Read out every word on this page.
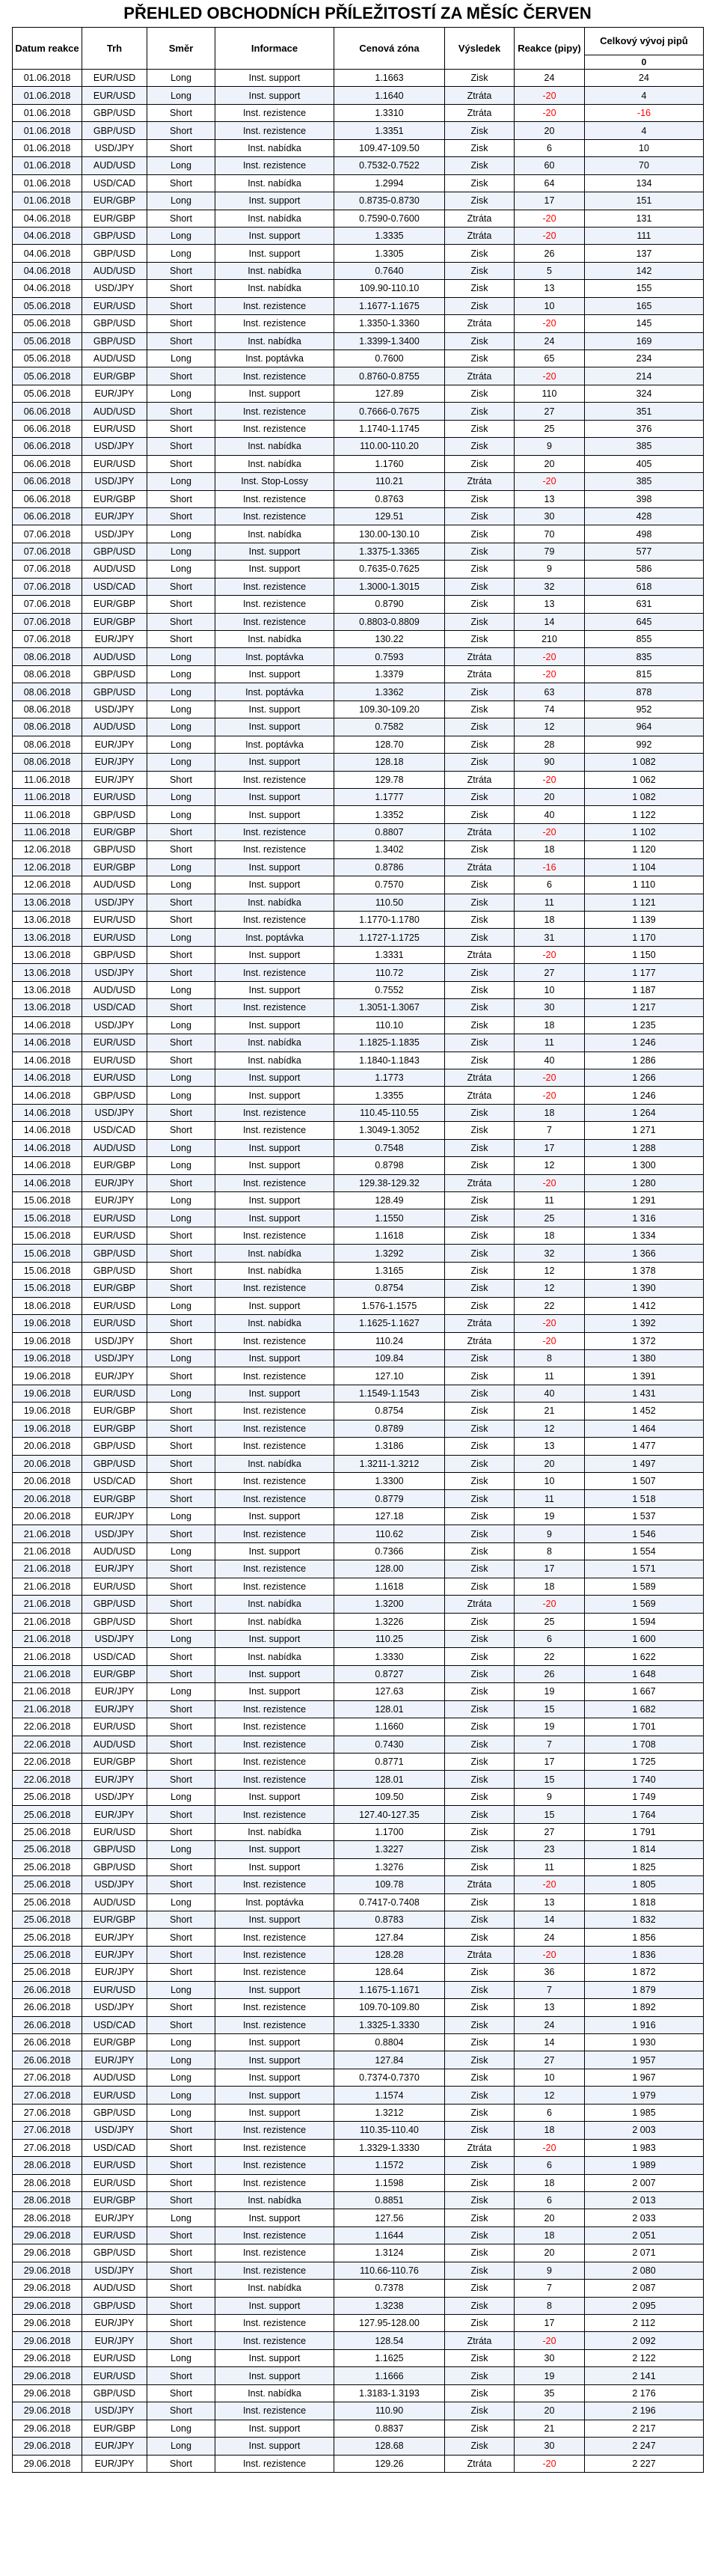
PŘEHLED OBCHODNÍCH PŘÍLEŽITOSTÍ ZA MĚSÍC ČERVEN
Datum reakce	Trh	Směr	Informace	Cenová zóna	Výsledek	Reakce (pipy)	Celkový vývoj pipů
							0
01.06.2018	EUR/USD	Long	Inst. support	1.1663	Zisk	24	24
01.06.2018	EUR/USD	Long	Inst. support	1.1640	Ztráta	-20	4
01.06.2018	GBP/USD	Short	Inst. rezistence	1.3310	Ztráta	-20	-16
01.06.2018	GBP/USD	Short	Inst. rezistence	1.3351	Zisk	20	4
01.06.2018	USD/JPY	Short	Inst. nabídka	109.47-109.50	Zisk	6	10
01.06.2018	AUD/USD	Long	Inst. rezistence	0.7532-0.7522	Zisk	60	70
01.06.2018	USD/CAD	Short	Inst. nabídka	1.2994	Zisk	64	134
01.06.2018	EUR/GBP	Long	Inst. support	0.8735-0.8730	Zisk	17	151
04.06.2018	EUR/GBP	Short	Inst. nabídka	0.7590-0.7600	Ztráta	-20	131
04.06.2018	GBP/USD	Long	Inst. support	1.3335	Ztráta	-20	111
04.06.2018	GBP/USD	Long	Inst. support	1.3305	Zisk	26	137
04.06.2018	AUD/USD	Short	Inst. nabídka	0.7640	Zisk	5	142
04.06.2018	USD/JPY	Short	Inst. nabídka	109.90-110.10	Zisk	13	155
05.06.2018	EUR/USD	Short	Inst. rezistence	1.1677-1.1675	Zisk	10	165
05.06.2018	GBP/USD	Short	Inst. rezistence	1.3350-1.3360	Ztráta	-20	145
05.06.2018	GBP/USD	Short	Inst. nabídka	1.3399-1.3400	Zisk	24	169
05.06.2018	AUD/USD	Long	Inst. poptávka	0.7600	Zisk	65	234
05.06.2018	EUR/GBP	Short	Inst. rezistence	0.8760-0.8755	Ztráta	-20	214
05.06.2018	EUR/JPY	Long	Inst. support	127.89	Zisk	110	324
06.06.2018	AUD/USD	Short	Inst. rezistence	0.7666-0.7675	Zisk	27	351
06.06.2018	EUR/USD	Short	Inst. rezistence	1.1740-1.1745	Zisk	25	376
06.06.2018	USD/JPY	Short	Inst. nabídka	110.00-110.20	Zisk	9	385
06.06.2018	EUR/USD	Short	Inst. nabídka	1.1760	Zisk	20	405
06.06.2018	USD/JPY	Long	Inst. Stop-Lossy	110.21	Ztráta	-20	385
06.06.2018	EUR/GBP	Short	Inst. rezistence	0.8763	Zisk	13	398
06.06.2018	EUR/JPY	Short	Inst. rezistence	129.51	Zisk	30	428
07.06.2018	USD/JPY	Long	Inst. nabídka	130.00-130.10	Zisk	70	498
07.06.2018	GBP/USD	Long	Inst. support	1.3375-1.3365	Zisk	79	577
07.06.2018	AUD/USD	Long	Inst. support	0.7635-0.7625	Zisk	9	586
07.06.2018	USD/CAD	Short	Inst. rezistence	1.3000-1.3015	Zisk	32	618
07.06.2018	EUR/GBP	Short	Inst. rezistence	0.8790	Zisk	13	631
07.06.2018	EUR/GBP	Short	Inst. rezistence	0.8803-0.8809	Zisk	14	645
07.06.2018	EUR/JPY	Short	Inst. nabídka	130.22	Zisk	210	855
08.06.2018	AUD/USD	Long	Inst. poptávka	0.7593	Ztráta	-20	835
08.06.2018	GBP/USD	Long	Inst. support	1.3379	Ztráta	-20	815
08.06.2018	GBP/USD	Long	Inst. poptávka	1.3362	Zisk	63	878
08.06.2018	USD/JPY	Long	Inst. support	109.30-109.20	Zisk	74	952
08.06.2018	AUD/USD	Long	Inst. support	0.7582	Zisk	12	964
08.06.2018	EUR/JPY	Long	Inst. poptávka	128.70	Zisk	28	992
08.06.2018	EUR/JPY	Long	Inst. support	128.18	Zisk	90	1 082
11.06.2018	EUR/JPY	Short	Inst. rezistence	129.78	Ztráta	-20	1 062
11.06.2018	EUR/USD	Long	Inst. support	1.1777	Zisk	20	1 082
11.06.2018	GBP/USD	Long	Inst. support	1.3352	Zisk	40	1 122
11.06.2018	EUR/GBP	Short	Inst. rezistence	0.8807	Ztráta	-20	1 102
12.06.2018	GBP/USD	Short	Inst. rezistence	1.3402	Zisk	18	1 120
12.06.2018	EUR/GBP	Long	Inst. support	0.8786	Ztráta	-16	1 104
12.06.2018	AUD/USD	Long	Inst. support	0.7570	Zisk	6	1 110
13.06.2018	USD/JPY	Short	Inst. nabídka	110.50	Zisk	11	1 121
13.06.2018	EUR/USD	Short	Inst. rezistence	1.1770-1.1780	Zisk	18	1 139
13.06.2018	EUR/USD	Long	Inst. poptávka	1.1727-1.1725	Zisk	31	1 170
13.06.2018	GBP/USD	Short	Inst. support	1.3331	Ztráta	-20	1 150
13.06.2018	USD/JPY	Short	Inst. rezistence	110.72	Zisk	27	1 177
13.06.2018	AUD/USD	Long	Inst. support	0.7552	Zisk	10	1 187
13.06.2018	USD/CAD	Short	Inst. rezistence	1.3051-1.3067	Zisk	30	1 217
14.06.2018	USD/JPY	Long	Inst. support	110.10	Zisk	18	1 235
14.06.2018	EUR/USD	Short	Inst. nabídka	1.1825-1.1835	Zisk	11	1 246
14.06.2018	EUR/USD	Short	Inst. nabídka	1.1840-1.1843	Zisk	40	1 286
14.06.2018	EUR/USD	Long	Inst. support	1.1773	Ztráta	-20	1 266
14.06.2018	GBP/USD	Long	Inst. support	1.3355	Ztráta	-20	1 246
14.06.2018	USD/JPY	Short	Inst. rezistence	110.45-110.55	Zisk	18	1 264
14.06.2018	USD/CAD	Short	Inst. rezistence	1.3049-1.3052	Zisk	7	1 271
14.06.2018	AUD/USD	Long	Inst. support	0.7548	Zisk	17	1 288
14.06.2018	EUR/GBP	Long	Inst. support	0.8798	Zisk	12	1 300
14.06.2018	EUR/JPY	Short	Inst. rezistence	129.38-129.32	Ztráta	-20	1 280
15.06.2018	EUR/JPY	Long	Inst. support	128.49	Zisk	11	1 291
15.06.2018	EUR/USD	Long	Inst. support	1.1550	Zisk	25	1 316
15.06.2018	EUR/USD	Short	Inst. rezistence	1.1618	Zisk	18	1 334
15.06.2018	GBP/USD	Short	Inst. nabídka	1.3292	Zisk	32	1 366
15.06.2018	GBP/USD	Short	Inst. nabídka	1.3165	Zisk	12	1 378
15.06.2018	EUR/GBP	Short	Inst. rezistence	0.8754	Zisk	12	1 390
18.06.2018	EUR/USD	Long	Inst. support	1.576-1.1575	Zisk	22	1 412
19.06.2018	EUR/USD	Short	Inst. nabídka	1.1625-1.1627	Ztráta	-20	1 392
19.06.2018	USD/JPY	Short	Inst. rezistence	110.24	Ztráta	-20	1 372
19.06.2018	USD/JPY	Long	Inst. support	109.84	Zisk	8	1 380
19.06.2018	EUR/JPY	Short	Inst. rezistence	127.10	Zisk	11	1 391
19.06.2018	EUR/USD	Long	Inst. support	1.1549-1.1543	Zisk	40	1 431
19.06.2018	EUR/GBP	Short	Inst. rezistence	0.8754	Zisk	21	1 452
19.06.2018	EUR/GBP	Short	Inst. rezistence	0.8789	Zisk	12	1 464
20.06.2018	GBP/USD	Short	Inst. rezistence	1.3186	Zisk	13	1 477
20.06.2018	GBP/USD	Short	Inst. nabídka	1.3211-1.3212	Zisk	20	1 497
20.06.2018	USD/CAD	Short	Inst. rezistence	1.3300	Zisk	10	1 507
20.06.2018	EUR/GBP	Short	Inst. rezistence	0.8779	Zisk	11	1 518
20.06.2018	EUR/JPY	Long	Inst. support	127.18	Zisk	19	1 537
21.06.2018	USD/JPY	Short	Inst. rezistence	110.62	Zisk	9	1 546
21.06.2018	AUD/USD	Long	Inst. support	0.7366	Zisk	8	1 554
21.06.2018	EUR/JPY	Short	Inst. rezistence	128.00	Zisk	17	1 571
21.06.2018	EUR/USD	Short	Inst. rezistence	1.1618	Zisk	18	1 589
21.06.2018	GBP/USD	Short	Inst. nabídka	1.3200	Ztráta	-20	1 569
21.06.2018	GBP/USD	Short	Inst. nabídka	1.3226	Zisk	25	1 594
21.06.2018	USD/JPY	Long	Inst. support	110.25	Zisk	6	1 600
21.06.2018	USD/CAD	Short	Inst. nabídka	1.3330	Zisk	22	1 622
21.06.2018	EUR/GBP	Short	Inst. support	0.8727	Zisk	26	1 648
21.06.2018	EUR/JPY	Long	Inst. support	127.63	Zisk	19	1 667
21.06.2018	EUR/JPY	Short	Inst. rezistence	128.01	Zisk	15	1 682
22.06.2018	EUR/USD	Short	Inst. rezistence	1.1660	Zisk	19	1 701
22.06.2018	AUD/USD	Short	Inst. rezistence	0.7430	Zisk	7	1 708
22.06.2018	EUR/GBP	Short	Inst. rezistence	0.8771	Zisk	17	1 725
22.06.2018	EUR/JPY	Short	Inst. rezistence	128.01	Zisk	15	1 740
25.06.2018	USD/JPY	Long	Inst. support	109.50	Zisk	9	1 749
25.06.2018	EUR/JPY	Short	Inst. rezistence	127.40-127.35	Zisk	15	1 764
25.06.2018	EUR/USD	Short	Inst. nabídka	1.1700	Zisk	27	1 791
25.06.2018	GBP/USD	Long	Inst. support	1.3227	Zisk	23	1 814
25.06.2018	GBP/USD	Short	Inst. support	1.3276	Zisk	11	1 825
25.06.2018	USD/JPY	Short	Inst. rezistence	109.78	Ztráta	-20	1 805
25.06.2018	AUD/USD	Long	Inst. poptávka	0.7417-0.7408	Zisk	13	1 818
25.06.2018	EUR/GBP	Short	Inst. support	0.8783	Zisk	14	1 832
25.06.2018	EUR/JPY	Short	Inst. rezistence	127.84	Zisk	24	1 856
25.06.2018	EUR/JPY	Short	Inst. rezistence	128.28	Ztráta	-20	1 836
25.06.2018	EUR/JPY	Short	Inst. rezistence	128.64	Zisk	36	1 872
26.06.2018	EUR/USD	Long	Inst. support	1.1675-1.1671	Zisk	7	1 879
26.06.2018	USD/JPY	Short	Inst. rezistence	109.70-109.80	Zisk	13	1 892
26.06.2018	USD/CAD	Short	Inst. rezistence	1.3325-1.3330	Zisk	24	1 916
26.06.2018	EUR/GBP	Long	Inst. support	0.8804	Zisk	14	1 930
26.06.2018	EUR/JPY	Long	Inst. support	127.84	Zisk	27	1 957
27.06.2018	AUD/USD	Long	Inst. support	0.7374-0.7370	Zisk	10	1 967
27.06.2018	EUR/USD	Long	Inst. support	1.1574	Zisk	12	1 979
27.06.2018	GBP/USD	Long	Inst. support	1.3212	Zisk	6	1 985
27.06.2018	USD/JPY	Short	Inst. rezistence	110.35-110.40	Zisk	18	2 003
27.06.2018	USD/CAD	Short	Inst. rezistence	1.3329-1.3330	Ztráta	-20	1 983
28.06.2018	EUR/USD	Short	Inst. rezistence	1.1572	Zisk	6	1 989
28.06.2018	EUR/USD	Short	Inst. rezistence	1.1598	Zisk	18	2 007
28.06.2018	EUR/GBP	Short	Inst. nabídka	0.8851	Zisk	6	2 013
28.06.2018	EUR/JPY	Long	Inst. support	127.56	Zisk	20	2 033
29.06.2018	EUR/USD	Short	Inst. rezistence	1.1644	Zisk	18	2 051
29.06.2018	GBP/USD	Short	Inst. rezistence	1.3124	Zisk	20	2 071
29.06.2018	USD/JPY	Short	Inst. rezistence	110.66-110.76	Zisk	9	2 080
29.06.2018	AUD/USD	Short	Inst. nabídka	0.7378	Zisk	7	2 087
29.06.2018	GBP/USD	Short	Inst. support	1.3238	Zisk	8	2 095
29.06.2018	EUR/JPY	Short	Inst. rezistence	127.95-128.00	Zisk	17	2 112
29.06.2018	EUR/JPY	Short	Inst. rezistence	128.54	Ztráta	-20	2 092
29.06.2018	EUR/USD	Long	Inst. support	1.1625	Zisk	30	2 122
29.06.2018	EUR/USD	Short	Inst. support	1.1666	Zisk	19	2 141
29.06.2018	GBP/USD	Short	Inst. nabídka	1.3183-1.3193	Zisk	35	2 176
29.06.2018	USD/JPY	Short	Inst. rezistence	110.90	Zisk	20	2 196
29.06.2018	EUR/GBP	Long	Inst. support	0.8837	Zisk	21	2 217
29.06.2018	EUR/JPY	Long	Inst. support	128.68	Zisk	30	2 247
29.06.2018	EUR/JPY	Short	Inst. rezistence	129.26	Ztráta	-20	2 227
